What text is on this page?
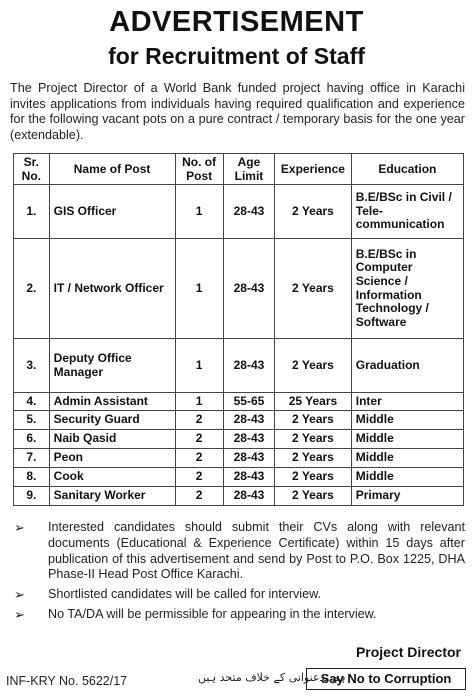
ADVERTISEMENT
for Recruitment of Staff

The Project Director of a World Bank funded project having office in Karachi invites applications from individuals having required qualification and experience for the following vacant pots on a pure contract / temporary basis for the one year (extendable).

Sr. No.	Name of Post	No. of Post	Age Limit	Experience	Education
1.	GIS Officer	1	28-43	2 Years	B.E/BSc in Civil / Tele-communication
2.	IT / Network Officer	1	28-43	2 Years	B.E/BSc in Computer Science / Information Technology / Software
3.	Deputy Office Manager	1	28-43	2 Years	Graduation
4.	Admin Assistant	1	55-65	25 Years	Inter
5.	Security Guard	2	28-43	2 Years	Middle
6.	Naib Qasid	2	28-43	2 Years	Middle
7.	Peon	2	28-43	2 Years	Middle
8.	Cook	2	28-43	2 Years	Middle
9.	Sanitary Worker	2	28-43	2 Years	Primary
➢	Interested candidates should submit their CVs along with relevant documents (Educational & Experience Certificate) within 15 days after publication of this advertisement and send by Post to P.O. Box 1225, DHA Phase-II Head Post Office Karachi.
➢	Shortlisted candidates will be called for interview.
➢	No TA/DA will be permissible for appearing in the interview.
Project Director
INF-KRY No. 5622/17	ہم بدعنوانی کے خلاف متحد ہیں
Say No to Corruption
